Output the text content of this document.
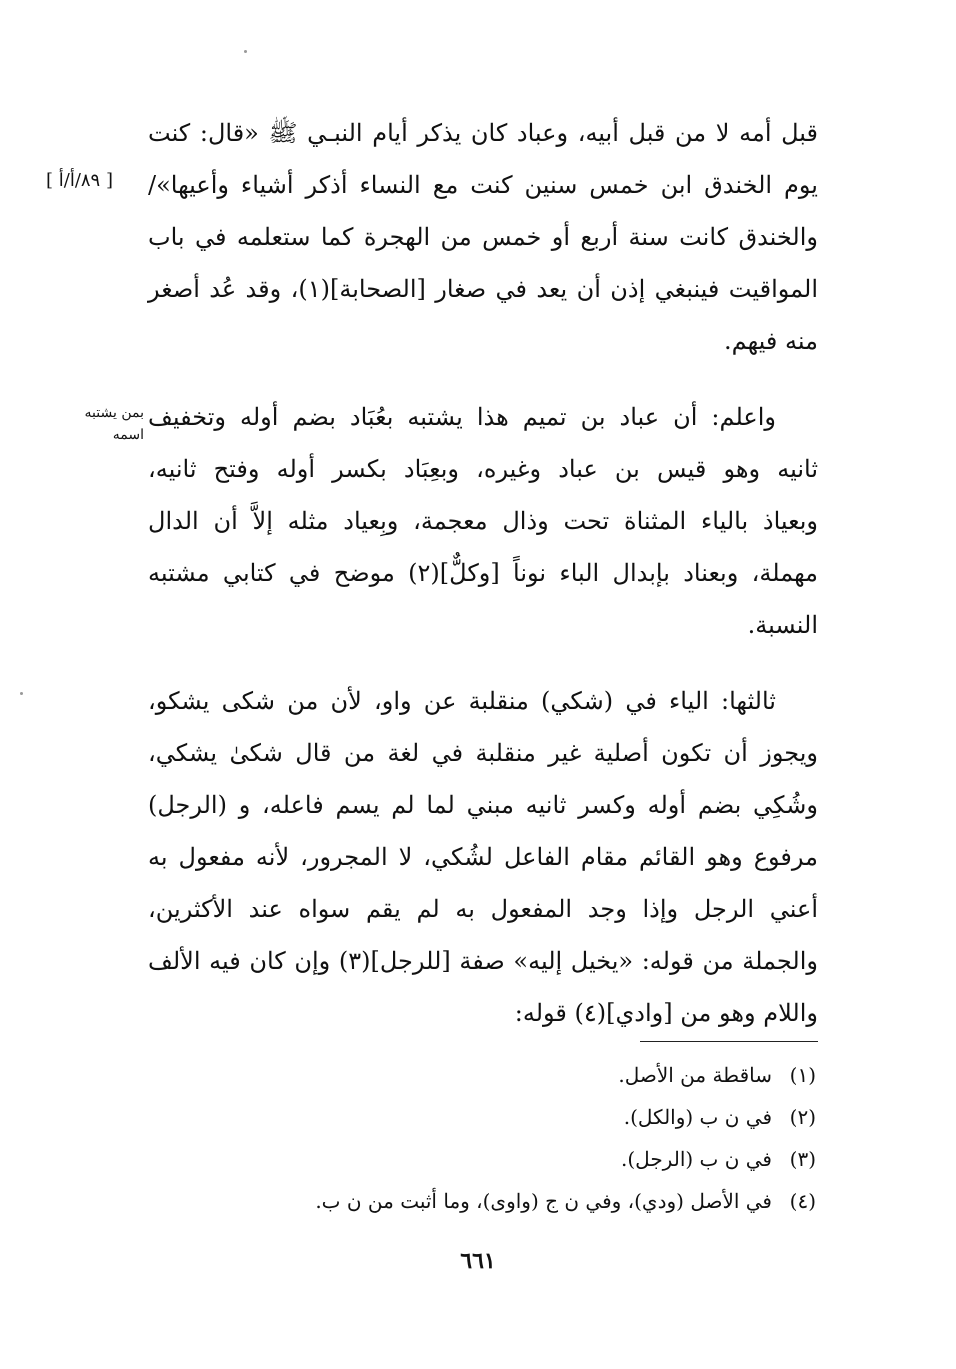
قبل أمه لا من قبل أبيه، وعباد كان يذكر أيام النبـي ﷺ «قال: كنت
يوم الخندق ابن خمس سنين كنت مع النساء أذكر أشياء وأعيها»/
والخندق كانت سنة أربع أو خمس من الهجرة كما ستعلمه في باب
المواقيت فينبغي إذن أن يعد في صغار [الصحابة](١)، وقد عُد أصغر
منه فيهم.
[ ٨٩/أ/أ ]
واعلم: أن عباد بن تميم هذا يشتبه بعُبَاد بضم أوله وتخفيف
ثانيه وهو قيس بن عباد وغيره، وبعِبَاد بكسر أوله وفتح ثانيه،
وبعياذ بالياء المثناة تحت وذال معجمة، وبِعياد مثله إلاَّ أن الدال
مهملة، وبعناد بإبدال الباء نوناً [وكلٌّ](٢) موضح في كتابي مشتبه
النسبة.
بمن يشتبه
اسمه
ثالثها: الياء في (شكي) منقلبة عن واو، لأن من شكى يشكو،
ويجوز أن تكون أصلية غير منقلبة في لغة من قال شكىٰ يشكي،
وشُكِي بضم أوله وكسر ثانيه مبني لما لم يسم فاعله، و (الرجل)
مرفوع وهو القائم مقام الفاعل لشُكي، لا المجرور، لأنه مفعول به
أعني الرجل وإذا وجد المفعول به لم يقم سواه عند الأكثرين،
والجملة من قوله: «يخيل إليه» صفة [للرجل](٣) وإن كان فيه الألف
واللام وهو من [وادي](٤) قوله:
(١)ساقطة من الأصل.
(٢)في ن ب (والكل).
(٣)في ن ب (الرجل).
(٤)في الأصل (ودي)، وفي ن ج (واوى)، وما أثبت من ن ب.
٦٦١
